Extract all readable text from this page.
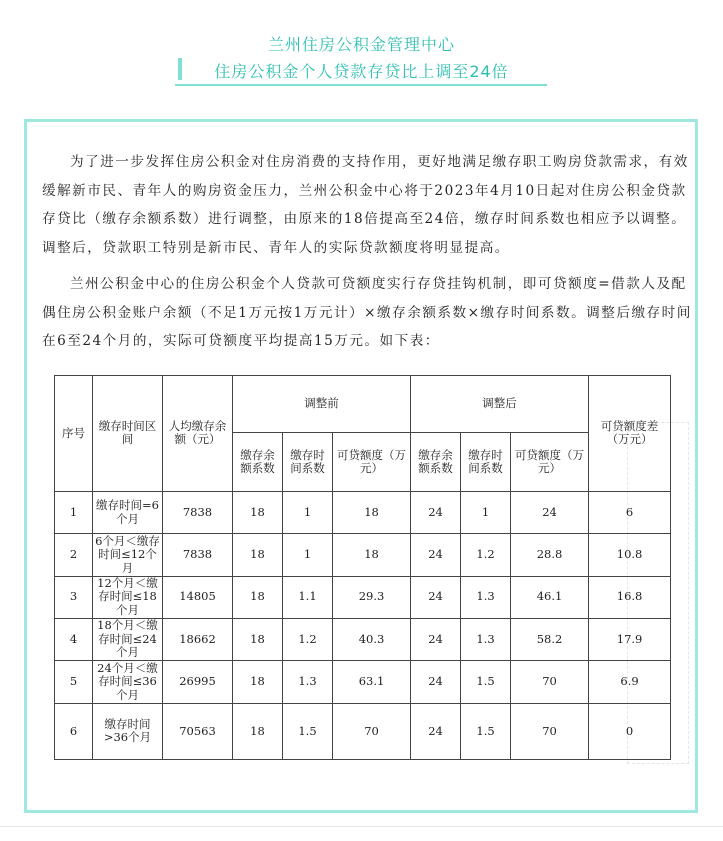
兰州住房公积金管理中心
住房公积金个人贷款存贷比上调至24倍

为了进一步发挥住房公积金对住房消费的支持作用，更好地满足缴存职工购房贷款需求，有效缓解新市民、青年人的购房资金压力，兰州公积金中心将于2023年4月10日起对住房公积金贷款存贷比（缴存余额系数）进行调整，由原来的18倍提高至24倍，缴存时间系数也相应予以调整。调整后，贷款职工特别是新市民、青年人的实际贷款额度将明显提高。

兰州公积金中心的住房公积金个人贷款可贷额度实行存贷挂钩机制，即可贷额度=借款人及配偶住房公积金账户余额（不足1万元按1万元计）×缴存余额系数×缴存时间系数。调整后缴存时间在6至24个月的，实际可贷额度平均提高15万元。如下表：

序号	缴存时间区间	人均缴存余额（元）	调整前			调整后			可贷额度差（万元）
			缴存余额系数	缴存时间系数	可贷额度（万元）	缴存余额系数	缴存时间系数	可贷额度（万元）	
1	缴存时间=6个月	7838	18	1	18	24	1	24	6
2	6个月＜缴存时间≤12个月	7838	18	1	18	24	1.2	28.8	10.8
3	12个月＜缴存时间≤18个月	14805	18	1.1	29.3	24	1.3	46.1	16.8
4	18个月＜缴存时间≤24个月	18662	18	1.2	40.3	24	1.3	58.2	17.9
5	24个月＜缴存时间≤36个月	26995	18	1.3	63.1	24	1.5	70	6.9
6	缴存时间>36个月	70563	18	1.5	70	24	1.5	70	0
